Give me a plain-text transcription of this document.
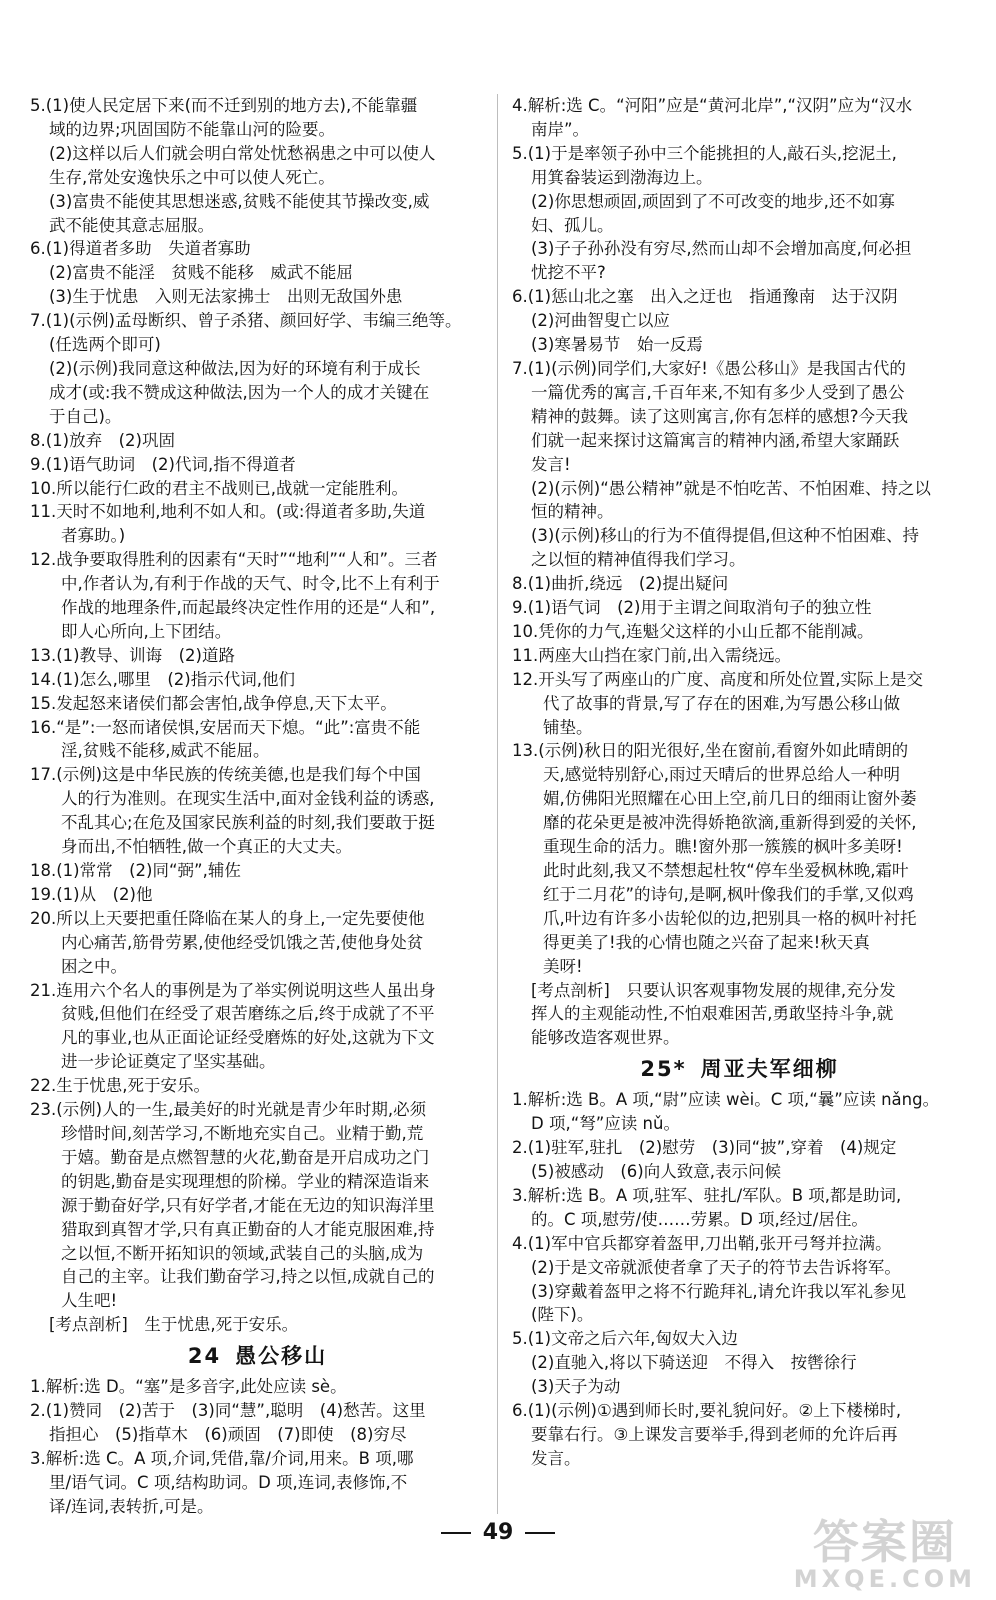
5.(1)使人民定居下来(而不迁到别的地方去),不能靠疆
域的边界;巩固国防不能靠山河的险要。
(2)这样以后人们就会明白常处忧愁祸患之中可以使人
生存,常处安逸快乐之中可以使人死亡。
(3)富贵不能使其思想迷惑,贫贱不能使其节操改变,威
武不能使其意志屈服。
6.(1)得道者多助　失道者寡助
(2)富贵不能淫　贫贱不能移　威武不能屈
(3)生于忧患　入则无法家拂士　出则无敌国外患
7.(1)(示例)孟母断织、曾子杀猪、颜回好学、韦编三绝等。
(任选两个即可)
(2)(示例)我同意这种做法,因为好的环境有利于成长
成才(或:我不赞成这种做法,因为一个人的成才关键在
于自己)。
8.(1)放弃　(2)巩固
9.(1)语气助词　(2)代词,指不得道者
10.所以能行仁政的君主不战则已,战就一定能胜利。
11.天时不如地利,地利不如人和。(或:得道者多助,失道
者寡助。)
12.战争要取得胜利的因素有“天时”“地利”“人和”。三者
中,作者认为,有利于作战的天气、时令,比不上有利于
作战的地理条件,而起最终决定性作用的还是“人和”,
即人心所向,上下团结。
13.(1)教导、训诲　(2)道路
14.(1)怎么,哪里　(2)指示代词,他们
15.发起怒来诸侯们都会害怕,战争停息,天下太平。
16.“是”:一怒而诸侯惧,安居而天下熄。“此”:富贵不能
淫,贫贱不能移,威武不能屈。
17.(示例)这是中华民族的传统美德,也是我们每个中国
人的行为准则。在现实生活中,面对金钱利益的诱惑,
不乱其心;在危及国家民族利益的时刻,我们要敢于挺
身而出,不怕牺牲,做一个真正的大丈夫。
18.(1)常常　(2)同“弼”,辅佐
19.(1)从　(2)他
20.所以上天要把重任降临在某人的身上,一定先要使他
内心痛苦,筋骨劳累,使他经受饥饿之苦,使他身处贫
困之中。
21.连用六个名人的事例是为了举实例说明这些人虽出身
贫贱,但他们在经受了艰苦磨练之后,终于成就了不平
凡的事业,也从正面论证经受磨炼的好处,这就为下文
进一步论证奠定了坚实基础。
22.生于忧患,死于安乐。
23.(示例)人的一生,最美好的时光就是青少年时期,必须
珍惜时间,刻苦学习,不断地充实自己。业精于勤,荒
于嬉。勤奋是点燃智慧的火花,勤奋是开启成功之门
的钥匙,勤奋是实现理想的阶梯。学业的精深造诣来
源于勤奋好学,只有好学者,才能在无边的知识海洋里
猎取到真智才学,只有真正勤奋的人才能克服困难,持
之以恒,不断开拓知识的领域,武装自己的头脑,成为
自己的主宰。让我们勤奋学习,持之以恒,成就自己的
人生吧!
[考点剖析]　生于忧患,死于安乐。
24 愚公移山
1.解析:选 D。“塞”是多音字,此处应读 sè。
2.(1)赞同　(2)苦于　(3)同“慧”,聪明　(4)愁苦。这里
指担心　(5)指草木　(6)顽固　(7)即使　(8)穷尽
3.解析:选 C。A 项,介词,凭借,靠/介词,用来。B 项,哪
里/语气词。C 项,结构助词。D 项,连词,表修饰,不
译/连词,表转折,可是。
4.解析:选 C。“河阳”应是“黄河北岸”,“汉阴”应为“汉水
南岸”。
5.(1)于是率领子孙中三个能挑担的人,敲石头,挖泥土,
用箕畚装运到渤海边上。
(2)你思想顽固,顽固到了不可改变的地步,还不如寡
妇、孤儿。
(3)子子孙孙没有穷尽,然而山却不会增加高度,何必担
忧挖不平?
6.(1)惩山北之塞　出入之迂也　指通豫南　达于汉阴
(2)河曲智叟亡以应
(3)寒暑易节　始一反焉
7.(1)(示例)同学们,大家好!《愚公移山》是我国古代的
一篇优秀的寓言,千百年来,不知有多少人受到了愚公
精神的鼓舞。读了这则寓言,你有怎样的感想?今天我
们就一起来探讨这篇寓言的精神内涵,希望大家踊跃
发言!
(2)(示例)“愚公精神”就是不怕吃苦、不怕困难、持之以
恒的精神。
(3)(示例)移山的行为不值得提倡,但这种不怕困难、持
之以恒的精神值得我们学习。
8.(1)曲折,绕远　(2)提出疑问
9.(1)语气词　(2)用于主谓之间取消句子的独立性
10.凭你的力气,连魁父这样的小山丘都不能削减。
11.两座大山挡在家门前,出入需绕远。
12.开头写了两座山的广度、高度和所处位置,实际上是交
代了故事的背景,写了存在的困难,为写愚公移山做
铺垫。
13.(示例)秋日的阳光很好,坐在窗前,看窗外如此晴朗的
天,感觉特别舒心,雨过天晴后的世界总给人一种明
媚,仿佛阳光照耀在心田上空,前几日的细雨让窗外萎
靡的花朵更是被冲洗得娇艳欲滴,重新得到爱的关怀,
重现生命的活力。瞧!窗外那一簇簇的枫叶多美呀!
此时此刻,我又不禁想起杜牧“停车坐爱枫林晚,霜叶
红于二月花”的诗句,是啊,枫叶像我们的手掌,又似鸡
爪,叶边有许多小齿轮似的边,把别具一格的枫叶衬托
得更美了!我的心情也随之兴奋了起来!秋天真
美呀!
[考点剖析]　只要认识客观事物发展的规律,充分发
挥人的主观能动性,不怕艰难困苦,勇敢坚持斗争,就
能够改造客观世界。
25* 周亚夫军细柳
1.解析:选 B。A 项,“尉”应读 wèi。C 项,“曩”应读 nǎng。
D 项,“弩”应读 nǔ。
2.(1)驻军,驻扎　(2)慰劳　(3)同“披”,穿着　(4)规定
(5)被感动　(6)向人致意,表示问候
3.解析:选 B。A 项,驻军、驻扎/军队。B 项,都是助词,
的。C 项,慰劳/使……劳累。D 项,经过/居住。
4.(1)军中官兵都穿着盔甲,刀出鞘,张开弓弩并拉满。
(2)于是文帝就派使者拿了天子的符节去告诉将军。
(3)穿戴着盔甲之将不行跪拜礼,请允许我以军礼参见
(陛下)。
5.(1)文帝之后六年,匈奴大入边
(2)直驰入,将以下骑送迎　不得入　按辔徐行
(3)天子为动
6.(1)(示例)①遇到师长时,要礼貌问好。②上下楼梯时,
要靠右行。③上课发言要举手,得到老师的允许后再
发言。
49	答案圈
MXQE.COM
